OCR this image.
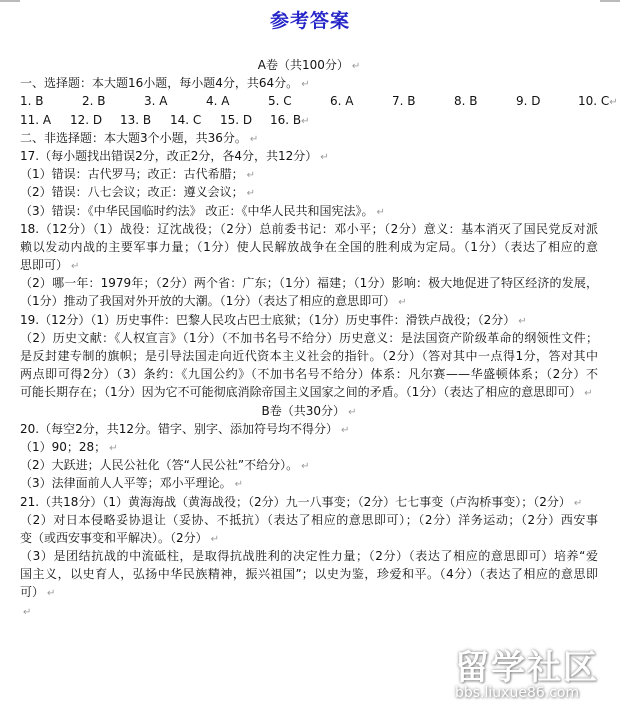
参考答案
A卷（共100分） ↵
一、选择题：本大题16小题，每小题4分，共64分。 ↵
1. B	2. B	3. A	4. A	5. C	6. A	7. B	8. B	9. D	10. C ↵
11. A 12. D 13. B 14. C 15. D 16. B ↵
二、非选择题：本大题3个小题，共36分。 ↵
17.（每小题找出错误2分，改正2分，各4分，共12分） ↵
（1）错误：古代罗马；改正：古代希腊； ↵
（2）错误：八七会议；改正：遵义会议； ↵
（3）错误：《中华民国临时约法》 改正：《中华人民共和国宪法》。 ↵
18.（12分）（1）战役：辽沈战役；（2分）总前委书记：邓小平；（2分）意义：基本消灭了国民党反对派
赖以发动内战的主要军事力量；（1分）使人民解放战争在全国的胜利成为定局。（1分）（表达了相应的意
思即可） ↵
（2）哪一年：1979年；（2分）两个省：广东；（1分）福建；（1分）影响：极大地促进了特区经济的发展，
（1分）推动了我国对外开放的大潮。（1分）（表达了相应的意思即可） ↵
19.（12分）（1）历史事件：巴黎人民攻占巴士底狱；（1分）历史事件：滑铁卢战役；（2分） ↵
（2）历史文献：《人权宣言》（1分）（不加书名号不给分）历史意义：是法国资产阶级革命的纲领性文件；
是反封建专制的旗帜；是引导法国走向近代资本主义社会的指针。（2分）（答对其中一点得1分，答对其中
两点即可得2分）（3）条约：《九国公约》（不加书名号不给分）体系：凡尔赛——华盛顿体系；（2分）不
可能长期存在；（1分）因为它不可能彻底消除帝国主义国家之间的矛盾。（1分）（表达了相应的意思即可） ↵
B卷（共30分） ↵
20.（每空2分，共12分。错字、别字、添加符号均不得分） ↵
（1）90；28； ↵
（2）大跃进；人民公社化（答“人民公社”不给分）。 ↵
（3）法律面前人人平等；邓小平理论。 ↵
21.（共18分）（1）黄海海战（黄海战役；（2分）九一八事变；（2分）七七事变（卢沟桥事变）；（2分） ↵
（2）对日本侵略妥协退让（妥协、不抵抗）（表达了相应的意思即可）；（2分）洋务运动；（2分）西安事
变（或西安事变和平解决）。（2分） ↵
（3）是团结抗战的中流砥柱，是取得抗战胜利的决定性力量；（2分）（表达了相应的意思即可）培养“爱
国主义，以史育人，弘扬中华民族精神，振兴祖国”；以史为鉴，珍爱和平。（4分）（表达了相应的意思即
可） ↵
↵
留学社区
bbs.liuxue86.com
